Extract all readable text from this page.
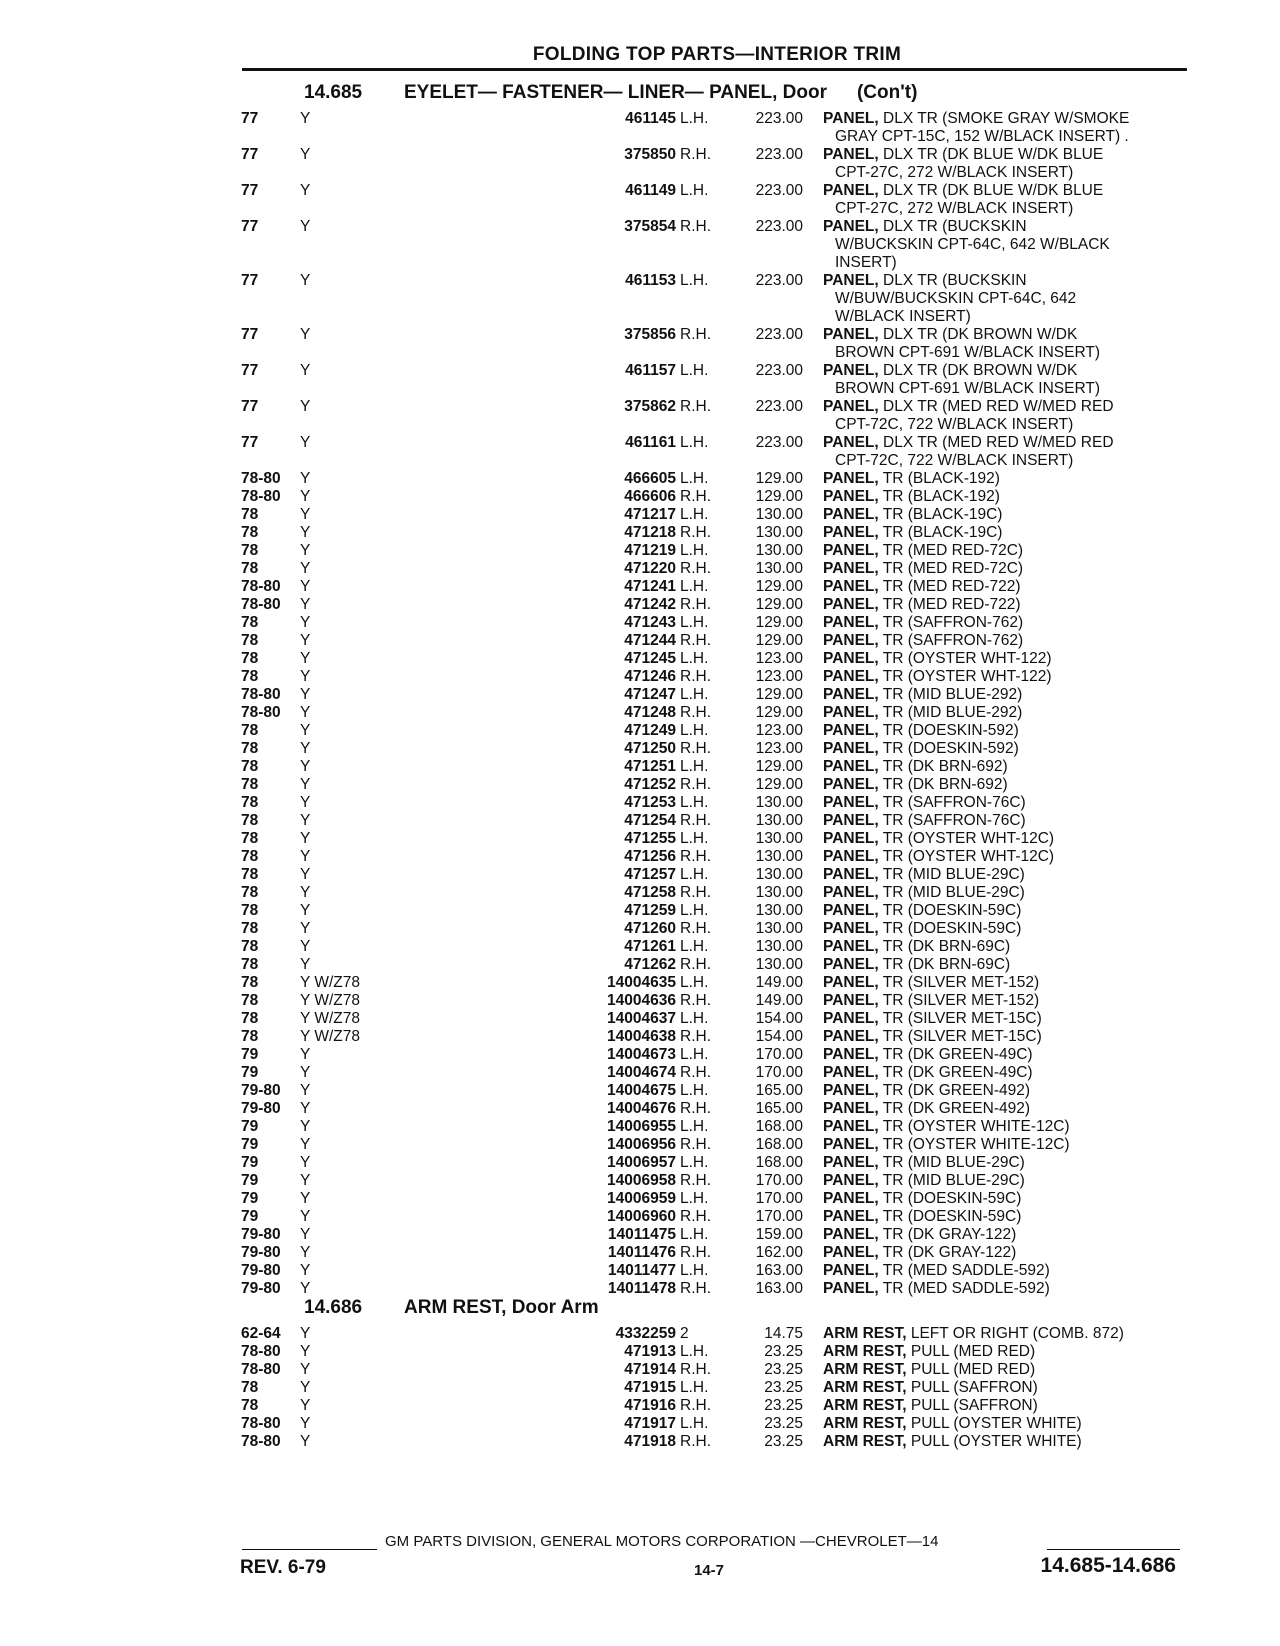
FOLDING TOP PARTS—INTERIOR TRIM
14.685 EYELET— FASTENER— LINER— PANEL, Door (Con't)
77	Y	461145 L.H.	223.00 PANEL, DLX TR (SMOKE GRAY W/SMOKE
GRAY CPT-15C, 152 W/BLACK INSERT) .
77	Y	375850 R.H.	223.00 PANEL, DLX TR (DK BLUE W/DK BLUE
CPT-27C, 272 W/BLACK INSERT)
77	Y	461149 L.H.	223.00 PANEL, DLX TR (DK BLUE W/DK BLUE
CPT-27C, 272 W/BLACK INSERT)
77	Y	375854 R.H.	223.00 PANEL, DLX TR (BUCKSKIN
W/BUCKSKIN CPT-64C, 642 W/BLACK
INSERT)
77	Y	461153 L.H.	223.00 PANEL, DLX TR (BUCKSKIN
W/BUW/BUCKSKIN CPT-64C, 642
W/BLACK INSERT)
77	Y	375856 R.H.	223.00 PANEL, DLX TR (DK BROWN W/DK
BROWN CPT-691 W/BLACK INSERT)
77	Y	461157 L.H.	223.00 PANEL, DLX TR (DK BROWN W/DK
BROWN CPT-691 W/BLACK INSERT)
77	Y	375862 R.H.	223.00 PANEL, DLX TR (MED RED W/MED RED
CPT-72C, 722 W/BLACK INSERT)
77	Y	461161 L.H.	223.00 PANEL, DLX TR (MED RED W/MED RED
CPT-72C, 722 W/BLACK INSERT)
78-80 Y	466605 L.H.	129.00 PANEL, TR (BLACK-192)
78-80 Y	466606 R.H.	129.00 PANEL, TR (BLACK-192)
78	Y	471217 L.H.	130.00 PANEL, TR (BLACK-19C)
78	Y	471218 R.H.	130.00 PANEL, TR (BLACK-19C)
78	Y	471219 L.H.	130.00 PANEL, TR (MED RED-72C)
78	Y	471220 R.H.	130.00 PANEL, TR (MED RED-72C)
78-80 Y	471241 L.H.	129.00 PANEL, TR (MED RED-722)
78-80 Y	471242 R.H.	129.00 PANEL, TR (MED RED-722)
78	Y	471243 L.H.	129.00 PANEL, TR (SAFFRON-762)
78	Y	471244 R.H.	129.00 PANEL, TR (SAFFRON-762)
78	Y	471245 L.H.	123.00 PANEL, TR (OYSTER WHT-122)
78	Y	471246 R.H.	123.00 PANEL, TR (OYSTER WHT-122)
78-80 Y	471247 L.H.	129.00 PANEL, TR (MID BLUE-292)
78-80 Y	471248 R.H.	129.00 PANEL, TR (MID BLUE-292)
78	Y	471249 L.H.	123.00 PANEL, TR (DOESKIN-592)
78	Y	471250 R.H.	123.00 PANEL, TR (DOESKIN-592)
78	Y	471251 L.H.	129.00 PANEL, TR (DK BRN-692)
78	Y	471252 R.H.	129.00 PANEL, TR (DK BRN-692)
78	Y	471253 L.H.	130.00 PANEL, TR (SAFFRON-76C)
78	Y	471254 R.H.	130.00 PANEL, TR (SAFFRON-76C)
78	Y	471255 L.H.	130.00 PANEL, TR (OYSTER WHT-12C)
78	Y	471256 R.H.	130.00 PANEL, TR (OYSTER WHT-12C)
78	Y	471257 L.H.	130.00 PANEL, TR (MID BLUE-29C)
78	Y	471258 R.H.	130.00 PANEL, TR (MID BLUE-29C)
78	Y	471259 L.H.	130.00 PANEL, TR (DOESKIN-59C)
78	Y	471260 R.H.	130.00 PANEL, TR (DOESKIN-59C)
78	Y	471261 L.H.	130.00 PANEL, TR (DK BRN-69C)
78	Y	471262 R.H.	130.00 PANEL, TR (DK BRN-69C)
78	Y W/Z78	14004635 L.H.	149.00 PANEL, TR (SILVER MET-152)
78	Y W/Z78	14004636 R.H.	149.00 PANEL, TR (SILVER MET-152)
78	Y W/Z78	14004637 L.H.	154.00 PANEL, TR (SILVER MET-15C)
78	Y W/Z78	14004638 R.H.	154.00 PANEL, TR (SILVER MET-15C)
79	Y	14004673 L.H.	170.00 PANEL, TR (DK GREEN-49C)
79	Y	14004674 R.H.	170.00 PANEL, TR (DK GREEN-49C)
79-80 Y	14004675 L.H.	165.00 PANEL, TR (DK GREEN-492)
79-80 Y	14004676 R.H.	165.00 PANEL, TR (DK GREEN-492)
79	Y	14006955 L.H.	168.00 PANEL, TR (OYSTER WHITE-12C)
79	Y	14006956 R.H.	168.00 PANEL, TR (OYSTER WHITE-12C)
79	Y	14006957 L.H.	168.00 PANEL, TR (MID BLUE-29C)
79	Y	14006958 R.H.	170.00 PANEL, TR (MID BLUE-29C)
79	Y	14006959 L.H.	170.00 PANEL, TR (DOESKIN-59C)
79	Y	14006960 R.H.	170.00 PANEL, TR (DOESKIN-59C)
79-80 Y	14011475 L.H.	159.00 PANEL, TR (DK GRAY-122)
79-80 Y	14011476 R.H.	162.00 PANEL, TR (DK GRAY-122)
79-80 Y	14011477 L.H.	163.00 PANEL, TR (MED SADDLE-592)
79-80 Y	14011478 R.H.	163.00 PANEL, TR (MED SADDLE-592)
14.686 ARM REST, Door Arm
62-64 Y	4332259 2	14.75 ARM REST, LEFT OR RIGHT (COMB. 872)
78-80 Y	471913 L.H.	23.25 ARM REST, PULL (MED RED)
78-80 Y	471914 R.H.	23.25 ARM REST, PULL (MED RED)
78	Y	471915 L.H.	23.25 ARM REST, PULL (SAFFRON)
78	Y	471916 R.H.	23.25 ARM REST, PULL (SAFFRON)
78-80 Y	471917 L.H.	23.25 ARM REST, PULL (OYSTER WHITE)
78-80 Y	471918 R.H.	23.25 ARM REST, PULL (OYSTER WHITE)
GM PARTS DIVISION, GENERAL MOTORS CORPORATION —CHEVROLET—14
REV. 6-79	14-7	14.685-14.686
